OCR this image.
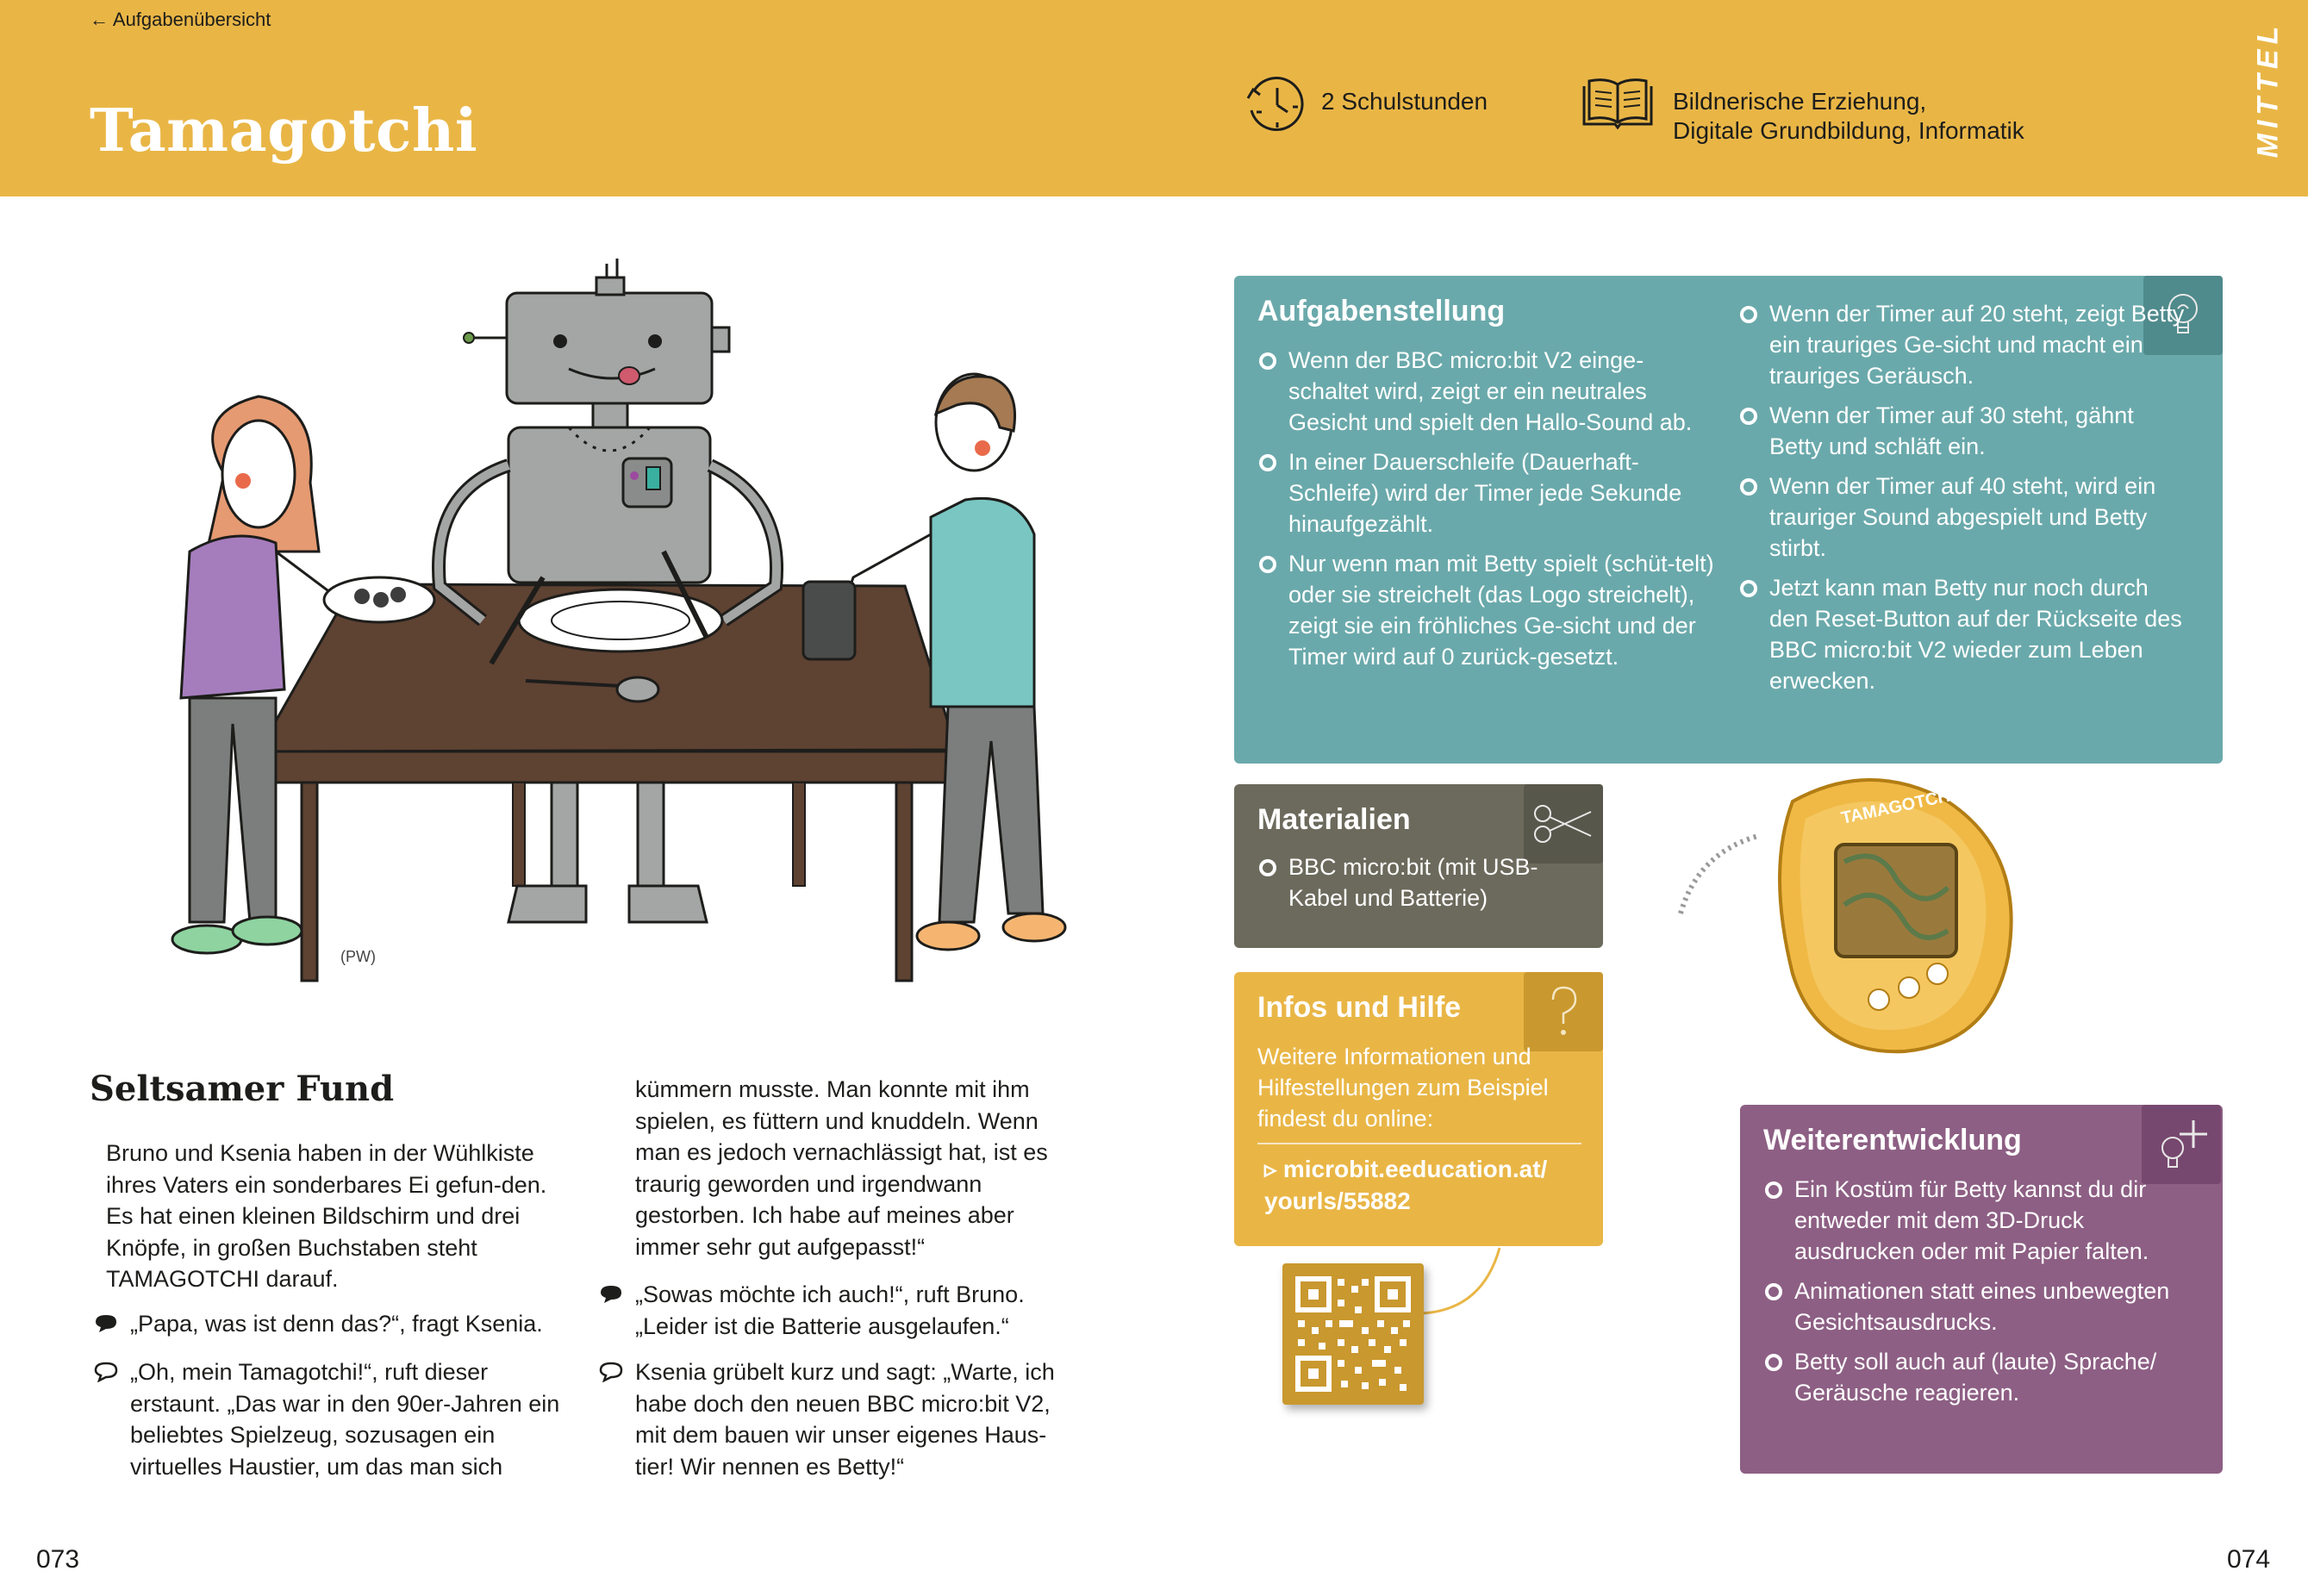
← Aufgabenübersicht
Tamagotchi	2 Schulstunden	Bildnerische Erziehung,
Digitale Grundbildung, Informatik	MITTEL
(PW)
Seltsamer Fund
Bruno und Ksenia haben in der Wühlkiste ihres Vaters ein sonderbares Ei gefun-den. Es hat einen kleinen Bildschirm und drei Knöpfe, in großen Buchstaben steht TAMAGOTCHI darauf.
„Papa, was ist denn das?“, fragt Ksenia.
„Oh, mein Tamagotchi!“, ruft dieser erstaunt. „Das war in den 90er-Jahren ein beliebtes Spielzeug, sozusagen ein virtuelles Haustier, um das man sich
kümmern musste. Man konnte mit ihm spielen, es füttern und knuddeln. Wenn man es jedoch vernachlässigt hat, ist es traurig geworden und irgendwann gestorben. Ich habe auf meines aber immer sehr gut aufgepasst!“
„Sowas möchte ich auch!“, ruft Bruno. „Leider ist die Batterie ausgelaufen.“
Ksenia grübelt kurz und sagt: „Warte, ich habe doch den neuen BBC micro:bit V2, mit dem bauen wir unser eigenes Haus-tier! Wir nennen es Betty!“
Aufgabenstellung
Wenn der BBC micro:bit V2 einge-schaltet wird, zeigt er ein neutrales Gesicht und spielt den Hallo-Sound ab.
In einer Dauerschleife (Dauerhaft-Schleife) wird der Timer jede Sekunde hinaufgezählt.
Nur wenn man mit Betty spielt (schüt-telt) oder sie streichelt (das Logo streichelt), zeigt sie ein fröhliches Ge-sicht und der Timer wird auf 0 zurück-gesetzt.
Wenn der Timer auf 20 steht, zeigt Betty ein trauriges Ge-sicht und macht ein trauriges Geräusch.
Wenn der Timer auf 30 steht, gähnt Betty und schläft ein.
Wenn der Timer auf 40 steht, wird ein trauriger Sound abgespielt und Betty stirbt.
Jetzt kann man Betty nur noch durch den Reset-Button auf der Rückseite des BBC micro:bit V2 wieder zum Leben erwecken.
Materialien
BBC micro:bit (mit USB-Kabel und Batterie)
Infos und Hilfe
Weitere Informationen und Hilfestellungen zum Beispiel findest du online:
▹ microbit.eeducation.at/
yourls/55882
TAMAGOTCHI
Weiterentwicklung
Ein Kostüm für Betty kannst du dir entweder mit dem 3D-Druck ausdrucken oder mit Papier falten.
Animationen statt eines unbewegten Gesichtsausdrucks.
Betty soll auch auf (laute) Sprache/ Geräusche reagieren.
073	074
